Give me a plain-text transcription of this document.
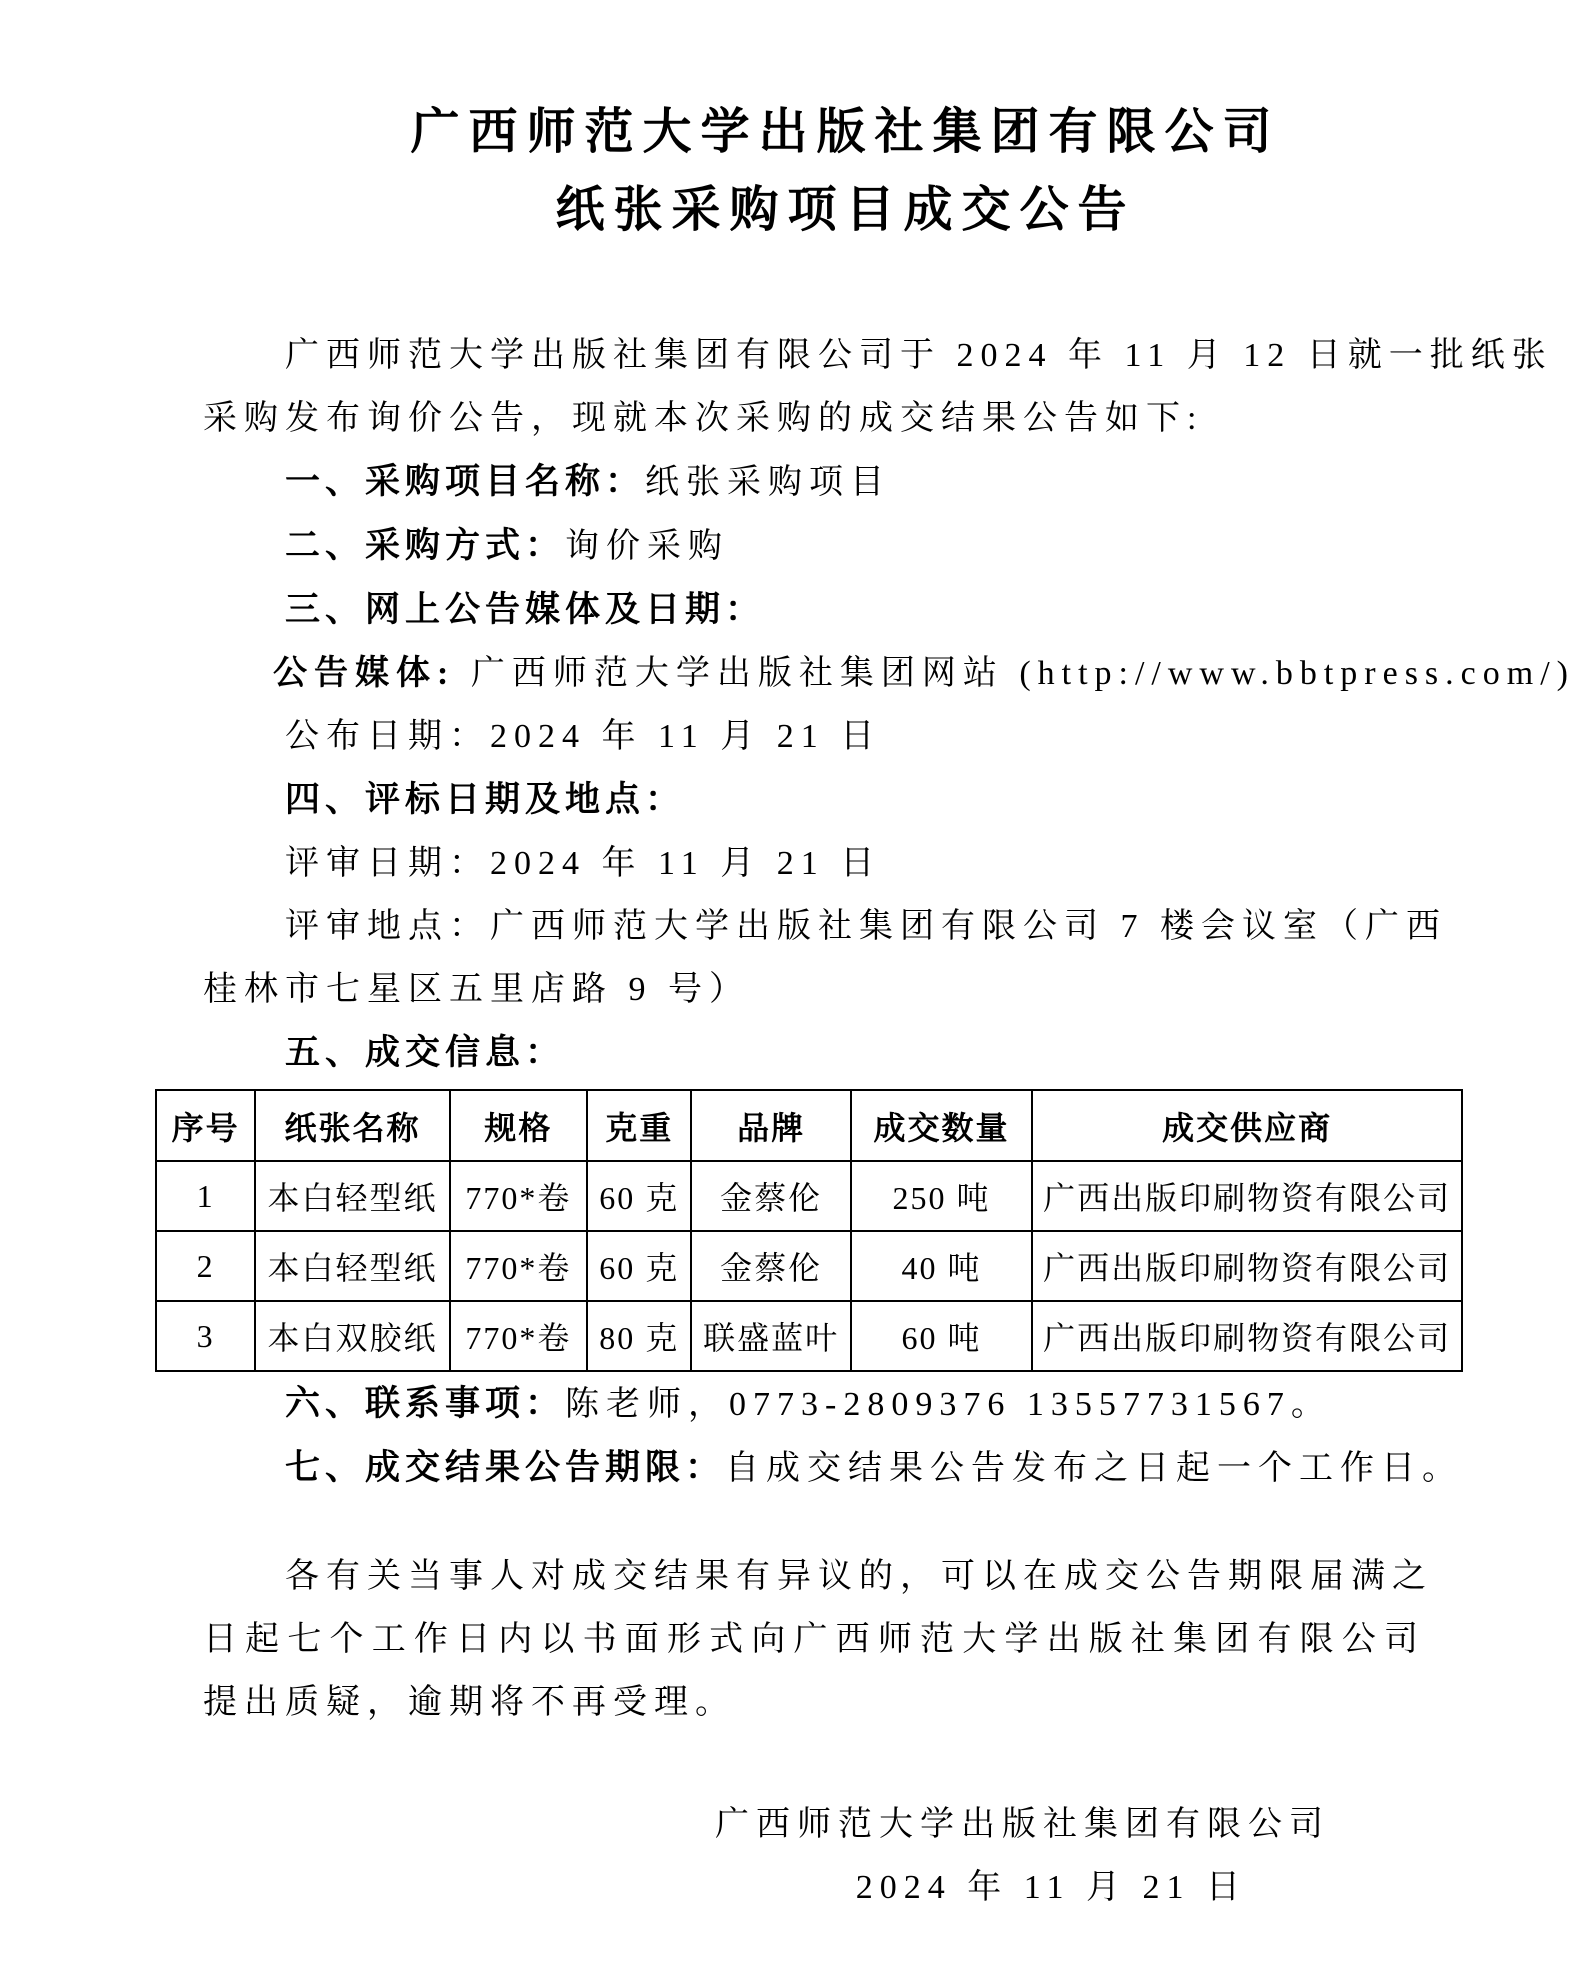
广西师范大学出版社集团有限公司
纸张采购项目成交公告
广西师范大学出版社集团有限公司于 2024 年 11 月 12 日就一批纸张
采购发布询价公告，现就本次采购的成交结果公告如下:
一、采购项目名称：纸张采购项目
二、采购方式：询价采购
三、网上公告媒体及日期：
公告媒体: 广西师范大学出版社集团网站 (http://www.bbtpress.com/)
公布日期：2024 年 11 月 21 日
四、评标日期及地点：
评审日期：2024 年 11 月 21 日
评审地点：广西师范大学出版社集团有限公司 7 楼会议室（广西
桂林市七星区五里店路 9 号）
五、成交信息：
序号	纸张名称	规格	克重	品牌	成交数量	成交供应商
1	本白轻型纸	770*卷	60 克	金蔡伦	250 吨	广西出版印刷物资有限公司
2	本白轻型纸	770*卷	60 克	金蔡伦	40 吨	广西出版印刷物资有限公司
3	本白双胶纸	770*卷	80 克	联盛蓝叶	60 吨	广西出版印刷物资有限公司
六、联系事项：陈老师，0773-2809376 13557731567。
七、成交结果公告期限：自成交结果公告发布之日起一个工作日。
各有关当事人对成交结果有异议的，可以在成交公告期限届满之
日起七个工作日内以书面形式向广西师范大学出版社集团有限公司
提出质疑，逾期将不再受理。
广西师范大学出版社集团有限公司
2024 年 11 月 21 日
